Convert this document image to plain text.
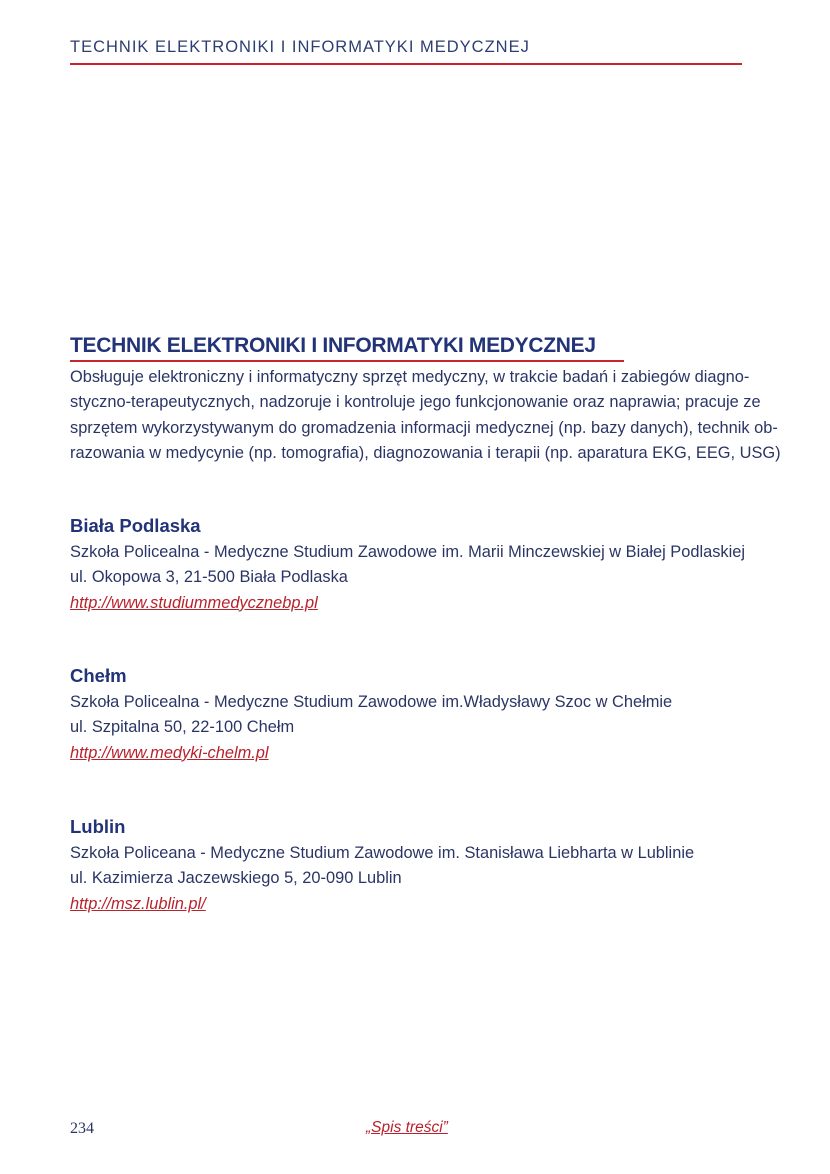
TECHNIK ELEKTRONIKI I INFORMATYKI MEDYCZNEJ
TECHNIK ELEKTRONIKI I INFORMATYKI MEDYCZNEJ
Obsługuje elektroniczny i informatyczny sprzęt medyczny, w trakcie badań i zabiegów diagno-
styczno-terapeutycznych, nadzoruje i kontroluje jego funkcjonowanie oraz naprawia; pracuje ze
sprzętem wykorzystywanym do gromadzenia informacji medycznej (np. bazy danych), technik ob-
razowania w medycynie (np. tomografia), diagnozowania i terapii (np. aparatura EKG, EEG, USG)
Biała Podlaska
Szkoła Policealna - Medyczne Studium Zawodowe im. Marii Minczewskiej w Białej Podlaskiej
ul. Okopowa 3, 21-500 Biała Podlaska
http://www.studiummedycznebp.pl
Chełm
Szkoła Policealna - Medyczne Studium Zawodowe im.Władysławy Szoc w Chełmie
ul. Szpitalna 50, 22-100 Chełm
http://www.medyki-chelm.pl
Lublin
Szkoła Policeana - Medyczne Studium Zawodowe im. Stanisława Liebharta w Lublinie
ul. Kazimierza Jaczewskiego 5, 20-090 Lublin
http://msz.lublin.pl/
234	„Spis treści”
